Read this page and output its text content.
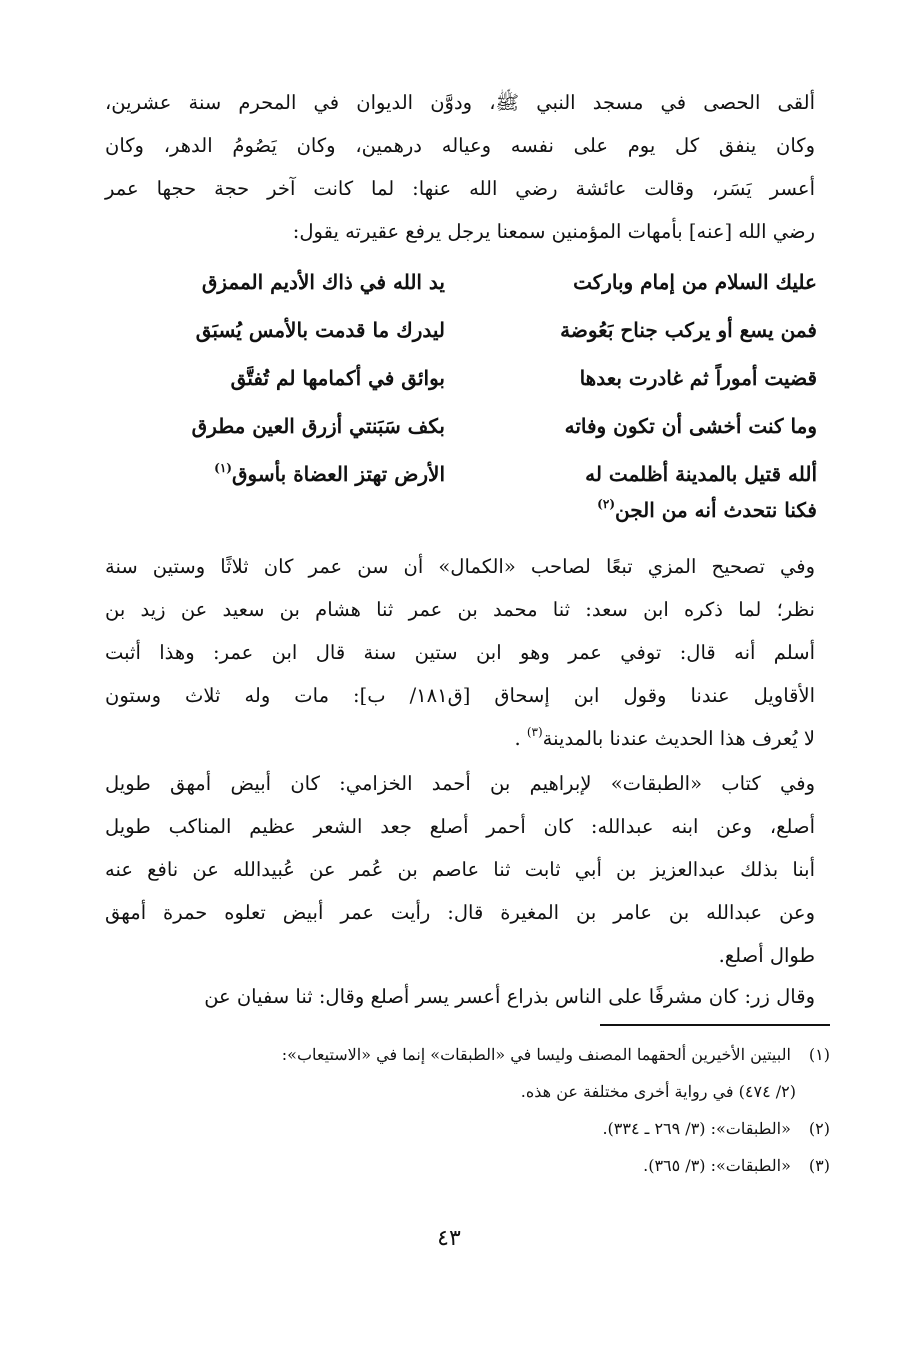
ألقى الحصى في مسجد النبي ﷺ، ودوَّن الديوان في المحرم سنة عشرين،
وكان ينفق كل يوم على نفسه وعياله درهمين، وكان يَصُومُ الدهر، وكان
أعسر يَسَر، وقالت عائشة رضي الله عنها: لما كانت آخر حجة حجها عمر
رضي الله [عنه] بأمهات المؤمنين سمعنا يرجل يرفع عقيرته يقول:
عليك السلام من إمام وباركت
يد الله في ذاك الأديم الممزق
فمن يسع أو يركب جناح بَعُوضة
ليدرك ما قدمت بالأمس يُسبَق
قضيت أموراً ثم غادرت بعدها
بوائق في أكمامها لم تُفتَّق
وما كنت أخشى أن تكون وفاته
بكف سَبَنتي أزرق العين مطرق
ألله قتيل بالمدينة أظلمت له
الأرض تهتز العضاة بأسوق$^{(١)}$
فكنا نتحدث أنه من الجن$^{(٢)}$
وفي تصحيح المزي تبعًا لصاحب «الكمال» أن سن عمر كان ثلاثًا وستين سنة
نظر؛ لما ذكره ابن سعد: ثنا محمد بن عمر ثنا هشام بن سعيد عن زيد بن
أسلم أنه قال: توفي عمر وهو ابن ستين سنة قال ابن عمر: وهذا أثبت
الأقاويل عندنا وقول ابن إسحاق [ق١٨١/ ب]: مات وله ثلاث وستون
لا يُعرف هذا الحديث عندنا بالمدينة$^{(٣)}$ .
وفي كتاب «الطبقات» لإبراهيم بن أحمد الخزامي: كان أبيض أمهق طويل
أصلع، وعن ابنه عبدالله: كان أحمر أصلع جعد الشعر عظيم المناكب طويل
أبنا بذلك عبدالعزيز بن أبي ثابت ثنا عاصم بن عُمر عن عُبيدالله عن نافع عنه
وعن عبدالله بن عامر بن المغيرة قال: رأيت عمر أبيض تعلوه حمرة أمهق
طوال أصلع.
وقال زر: كان مشرفًا على الناس بذراع أعسر يسر أصلع وقال: ثنا سفيان عن
(١) البيتين الأخيرين ألحقهما المصنف وليسا في «الطبقات» إنما في «الاستيعاب»:
(٢/ ٤٧٤) في رواية أخرى مختلفة عن هذه.
(٢) «الطبقات»: (٣/ ٢٦٩ ـ ٣٣٤).
(٣) «الطبقات»: (٣/ ٣٦٥).
٤٣
